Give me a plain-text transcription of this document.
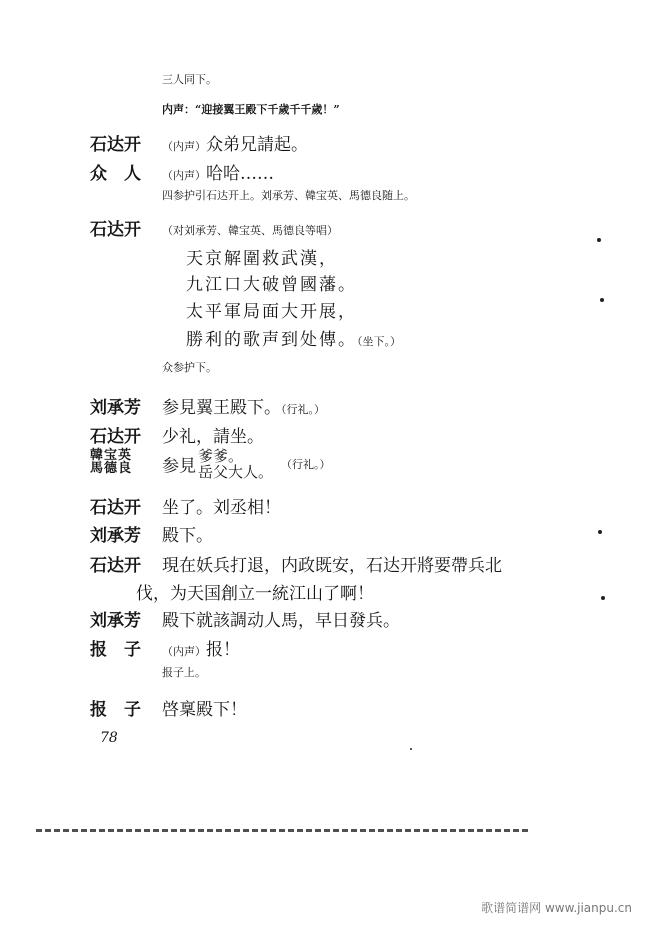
三人同下。
内声：“迎接翼王殿下千歲千千歲！”
石达开 （内声）众弟兄請起。
众　人 （内声）哈哈……
四参护引石达开上。刘承芳、韓宝英、馬德良随上。
石达开 （对刘承芳、韓宝英、馬德良等唱）
天京解圍救武漢，
九江口大破曾國藩。
太平軍局面大开展，
勝利的歌声到处傳。（坐下。）
众参护下。
刘承芳 参見翼王殿下。（行礼。）
石达开 少礼，請坐。
韓宝英
馬德良 参見
爹爹。
岳父大人。 （行礼。）
石达开 坐了。刘丞相！
刘承芳 殿下。
石达开 現在妖兵打退，内政既安，石达开將要帶兵北
伐，为天国創立一統江山了啊！
刘承芳 殿下就該調动人馬，早日發兵。
报　子 （内声）报！
报子上。
报　子 啓稟殿下！
78
歌谱简谱网 www.jianpu.cn
